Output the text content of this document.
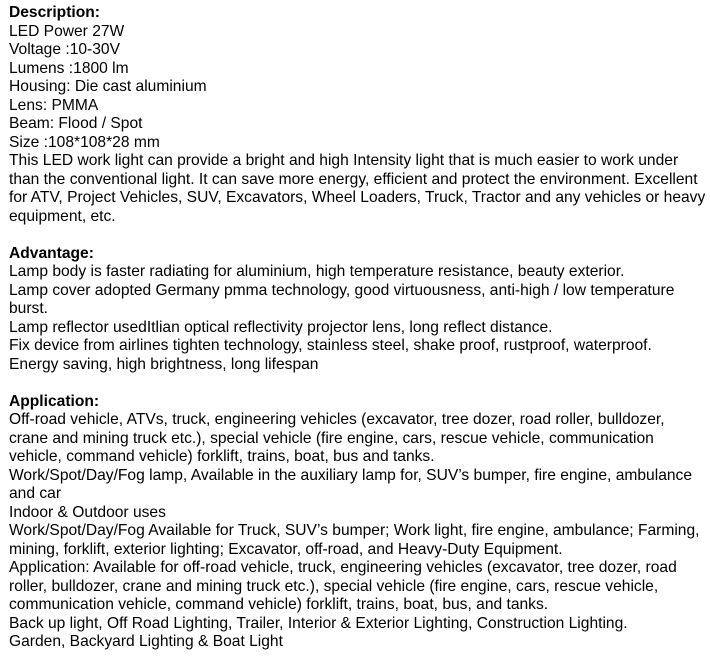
Description:
LED Power 27W
Voltage :10-30V
Lumens :1800 lm
Housing: Die cast aluminium
Lens: PMMA
Beam: Flood / Spot
Size :108*108*28 mm
This LED work light can provide a bright and high Intensity light that is much easier to work under than the conventional light. It can save more energy, efficient and protect the environment. Excellent for ATV, Project Vehicles, SUV, Excavators, Wheel Loaders, Truck, Tractor and any vehicles or heavy equipment, etc.
Advantage:
Lamp body is faster radiating for aluminium, high temperature resistance, beauty exterior.
Lamp cover adopted Germany pmma technology, good virtuousness, anti-high / low temperature burst.
Lamp reflector usedItlian optical reflectivity projector lens, long reflect distance.
Fix device from airlines tighten technology, stainless steel, shake proof, rustproof, waterproof.
Energy saving, high brightness, long lifespan
Application:
Off-road vehicle, ATVs, truck, engineering vehicles (excavator, tree dozer, road roller, bulldozer, crane and mining truck etc.), special vehicle (fire engine, cars, rescue vehicle, communication vehicle, command vehicle) forklift, trains, boat, bus and tanks.
Work/Spot/Day/Fog lamp, Available in the auxiliary lamp for, SUV’s bumper, fire engine, ambulance and car
Indoor & Outdoor uses
Work/Spot/Day/Fog Available for Truck, SUV’s bumper; Work light, fire engine, ambulance; Farming, mining, forklift, exterior lighting; Excavator, off-road, and Heavy-Duty Equipment.
Application: Available for off-road vehicle, truck, engineering vehicles (excavator, tree dozer, road roller, bulldozer, crane and mining truck etc.), special vehicle (fire engine, cars, rescue vehicle, communication vehicle, command vehicle) forklift, trains, boat, bus, and tanks.
Back up light, Off Road Lighting, Trailer, Interior & Exterior Lighting, Construction Lighting.
Garden, Backyard Lighting & Boat Light
